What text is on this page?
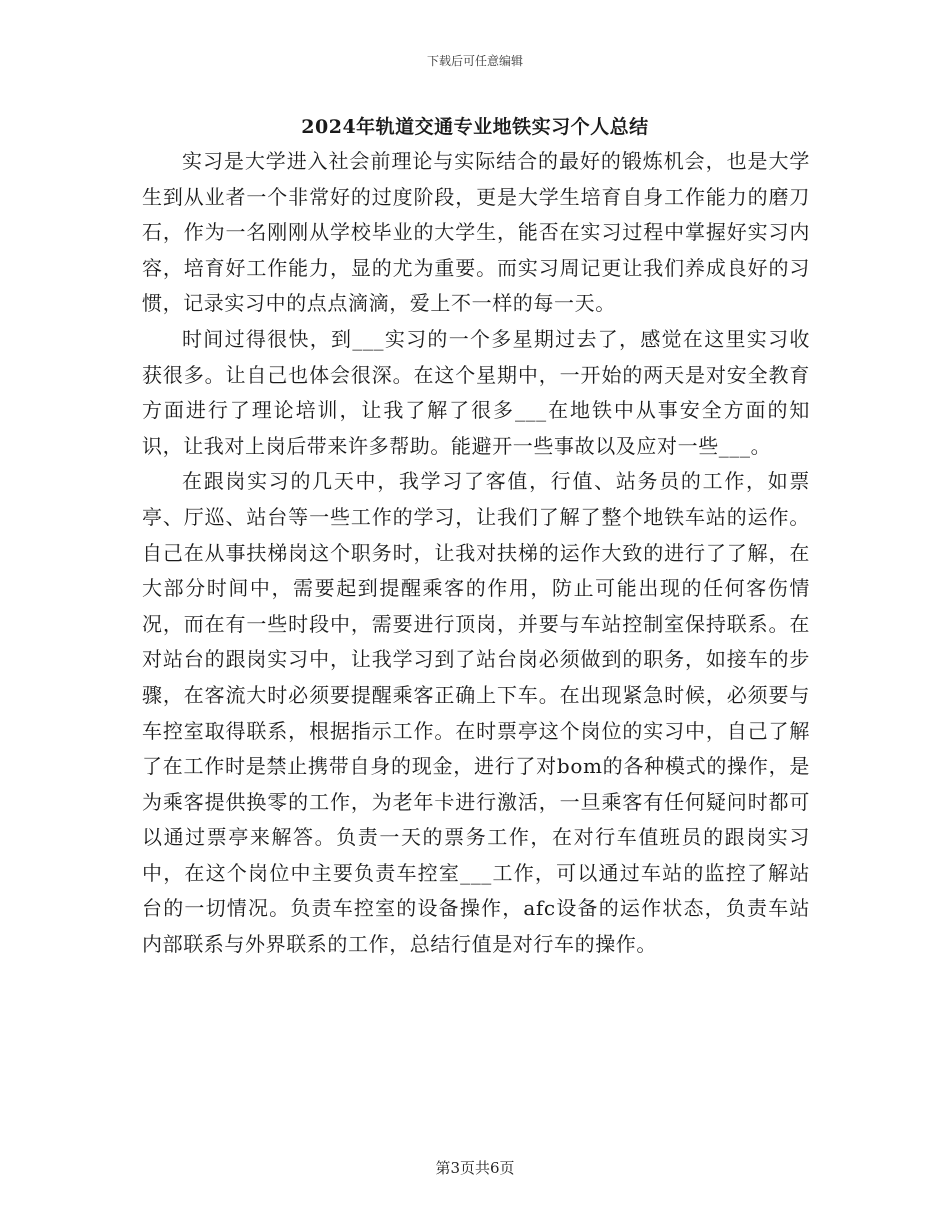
下载后可任意编辑
2024年轨道交通专业地铁实习个人总结

实习是大学进入社会前理论与实际结合的最好的锻炼机会，也是大学生到从业者一个非常好的过度阶段，更是大学生培育自身工作能力的磨刀石，作为一名刚刚从学校毕业的大学生，能否在实习过程中掌握好实习内容，培育好工作能力，显的尤为重要。而实习周记更让我们养成良好的习惯，记录实习中的点点滴滴，爱上不一样的每一天。

时间过得很快，到___实习的一个多星期过去了，感觉在这里实习收获很多。让自己也体会很深。在这个星期中，一开始的两天是对安全教育方面进行了理论培训，让我了解了很多___在地铁中从事安全方面的知识，让我对上岗后带来许多帮助。能避开一些事故以及应对一些___。

在跟岗实习的几天中，我学习了客值，行值、站务员的工作，如票亭、厅巡、站台等一些工作的学习，让我们了解了整个地铁车站的运作。自己在从事扶梯岗这个职务时，让我对扶梯的运作大致的进行了了解，在大部分时间中，需要起到提醒乘客的作用，防止可能出现的任何客伤情况，而在有一些时段中，需要进行顶岗，并要与车站控制室保持联系。在对站台的跟岗实习中，让我学习到了站台岗必须做到的职务，如接车的步骤，在客流大时必须要提醒乘客正确上下车。在出现紧急时候，必须要与车控室取得联系，根据指示工作。在时票亭这个岗位的实习中，自己了解了在工作时是禁止携带自身的现金，进行了对bom的各种模式的操作，是为乘客提供换零的工作，为老年卡进行激活，一旦乘客有任何疑问时都可以通过票亭来解答。负责一天的票务工作，在对行车值班员的跟岗实习中，在这个岗位中主要负责车控室___工作，可以通过车站的监控了解站台的一切情况。负责车控室的设备操作，afc设备的运作状态，负责车站内部联系与外界联系的工作，总结行值是对行车的操作。

第3页共6页
